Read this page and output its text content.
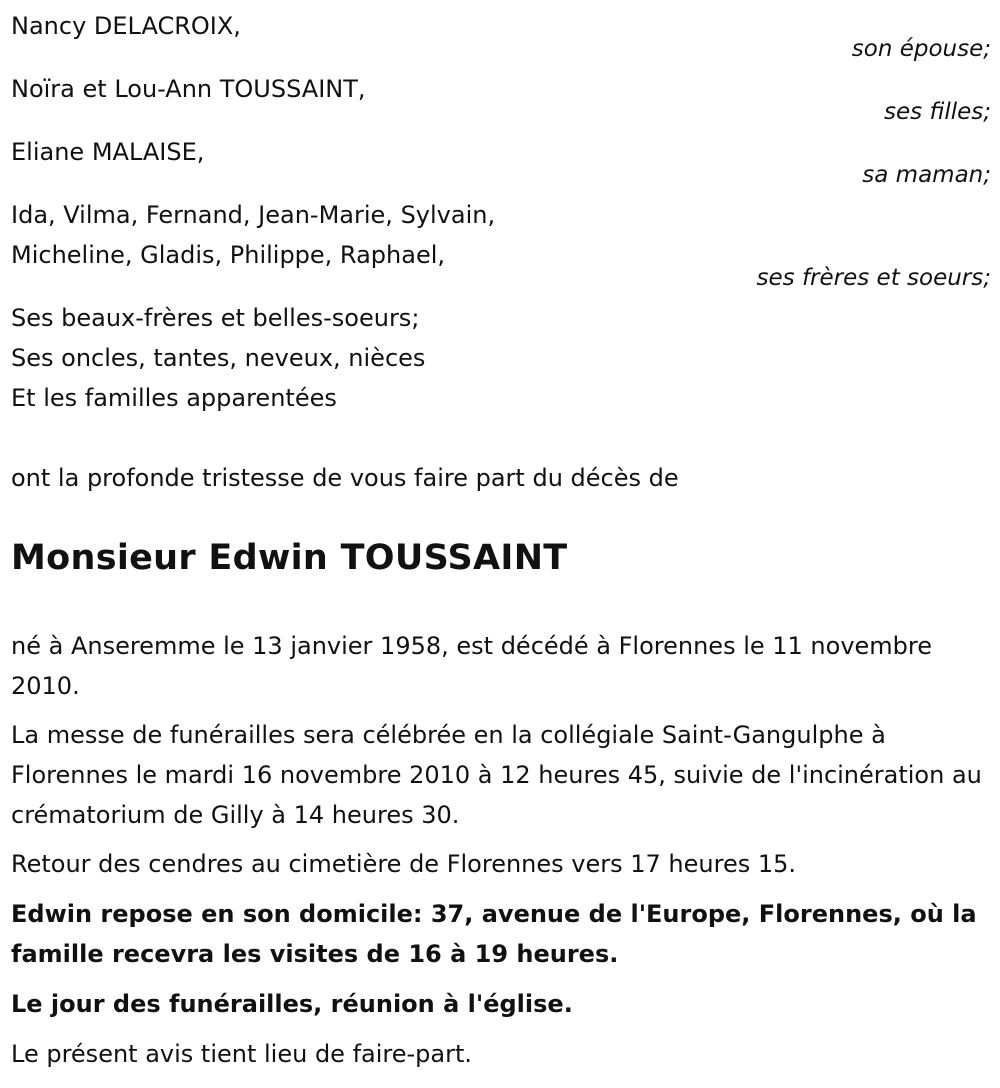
Nancy DELACROIX,
son épouse;
Noïra et Lou-Ann TOUSSAINT,
ses filles;
Eliane MALAISE,
sa maman;
Ida, Vilma, Fernand, Jean-Marie, Sylvain,
Micheline, Gladis, Philippe, Raphael,
ses frères et soeurs;
Ses beaux-frères et belles-soeurs;
Ses oncles, tantes, neveux, nièces
Et les familles apparentées
ont la profonde tristesse de vous faire part du décès de
Monsieur Edwin TOUSSAINT
né à Anseremme le 13 janvier 1958, est décédé à Florennes le 11 novembre 2010.
La messe de funérailles sera célébrée en la collégiale Saint-Gangulphe à Florennes le mardi 16 novembre 2010 à 12 heures 45, suivie de l'incinération au crématorium de Gilly à 14 heures 30.
Retour des cendres au cimetière de Florennes vers 17 heures 15.
Edwin repose en son domicile: 37, avenue de l'Europe, Florennes, où la famille recevra les visites de 16 à 19 heures.
Le jour des funérailles, réunion à l'église.
Le présent avis tient lieu de faire-part.
